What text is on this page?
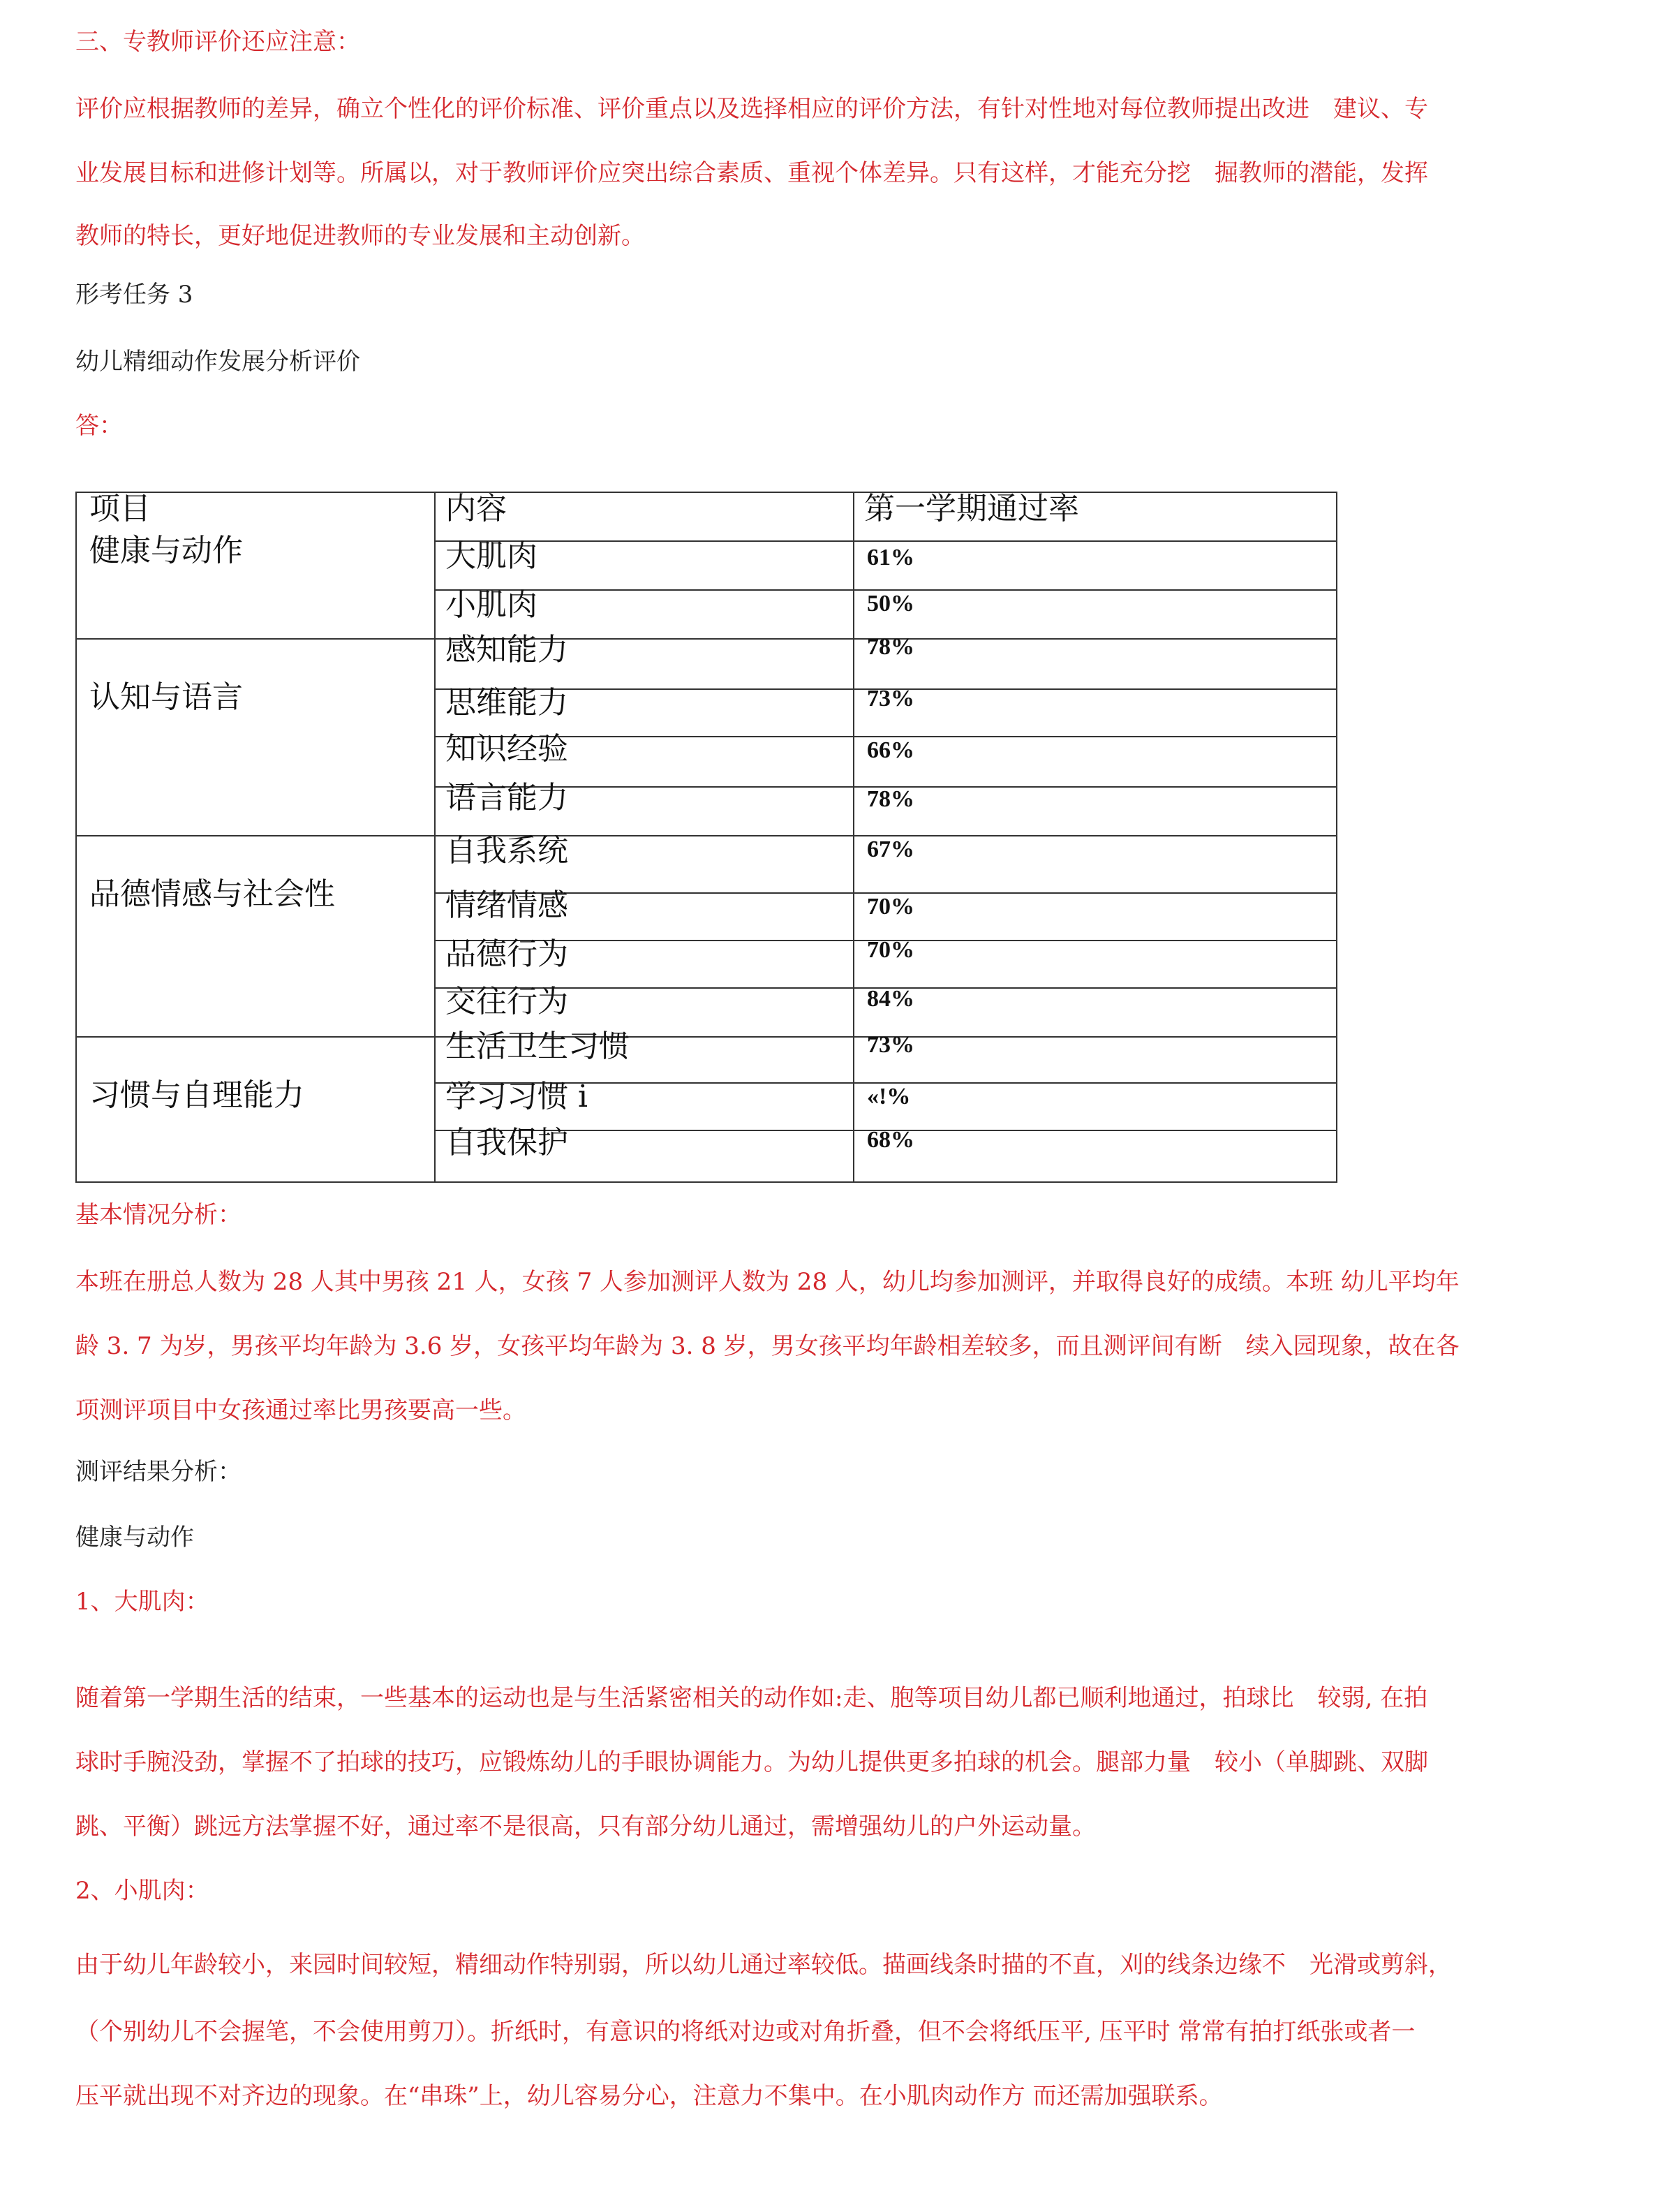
三、专教师评价还应注意：
评价应根据教师的差异，确立个性化的评价标准、评价重点以及选择相应的评价方法，有针对性地对每位教师提出改进　建议、专
业发展目标和进修计划等。所属以，对于教师评价应突出综合素质、重视个体差异。只有这样，才能充分挖　掘教师的潜能，发挥
教师的特长，更好地促进教师的专业发展和主动创新。
形考任务 3
幼儿精细动作发展分析评价
答：
项目	内容	第一学期通过率
健康与动作
认知与语言
品德情感与社会性
习惯与自理能力
大肌肉
小肌肉
感知能力
思维能力
知识经验
语言能力
自我系统
情绪情感
品德行为
交往行为
生活卫生习惯
学习习惯 i
自我保护
61%
50%
78%
73%
66%
78%
67%
70%
70%
84%
73%
«!%
68%
基本情况分析：
本班在册总人数为 28 人其中男孩 21 人，女孩 7 人参加测评人数为 28 人，幼儿均参加测评，并取得良好的成绩。本班 幼儿平均年
龄 3. 7 为岁，男孩平均年龄为 3.6 岁，女孩平均年龄为 3. 8 岁，男女孩平均年龄相差较多，而且测评间有断　续入园现象，故在各
项测评项目中女孩通过率比男孩要高一些。
测评结果分析：
健康与动作
1、大肌肉：
随着第一学期生活的结束，一些基本的运动也是与生活紧密相关的动作如:走、胞等项目幼儿都已顺利地通过，拍球比　较弱, 在拍
球时手腕没劲，掌握不了拍球的技巧，应锻炼幼儿的手眼协调能力。为幼儿提供更多拍球的机会。腿部力量　较小（单脚跳、双脚
跳、平衡）跳远方法掌握不好，通过率不是很高，只有部分幼儿通过，需增强幼儿的户外运动量。
2、小肌肉：
由于幼儿年龄较小，来园时间较短，精细动作特别弱，所以幼儿通过率较低。描画线条时描的不直，刈的线条边缘不　光滑或剪斜，
（个别幼儿不会握笔，不会使用剪刀）。折纸时，有意识的将纸对边或对角折叠，但不会将纸压平, 压平时 常常有拍打纸张或者一
压平就出现不对齐边的现象。在“串珠”上，幼儿容易分心，注意力不集中。在小肌肉动作方 而还需加强联系。
